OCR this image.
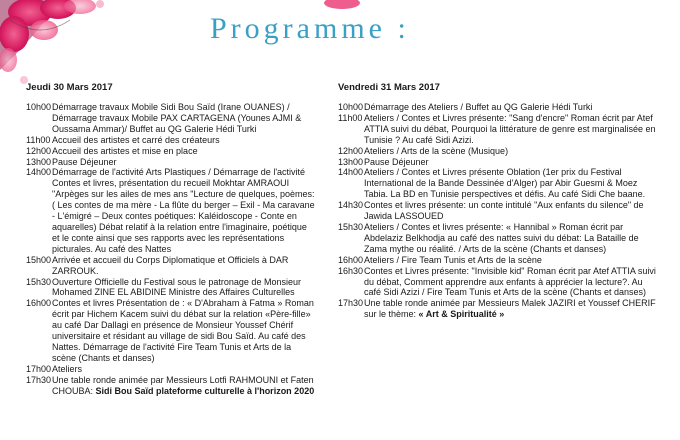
Programme :
Jeudi 30 Mars 2017
10h00 Démarrage travaux Mobile Sidi Bou Saïd (Irane OUANES) / Démarrage travaux Mobile PAX CARTAGENA (Younes AJMI & Oussama Ammar)/ Buffet au QG Galerie Hédi Turki
11h00 Accueil des artistes et carré des créateurs
12h00 Accueil des artistes et mise en place
13h00 Pause Déjeuner
14h00 Démarrage de l'activité Arts Plastiques / Démarrage de l'activité Contes et livres, présentation du recueil Mokhtar AMRAOUI "Arpèges sur les ailes de mes ans "Lecture de quelques, poèmes: ( Les contes de ma mère - La flûte du berger – Exil - Ma caravane - L'émigré – Deux contes poétiques: Kaléidoscope - Conte en aquarelles) Débat relatif à la relation entre l'imaginaire, poétique et le conte ainsi que ses rapports avec les représentations picturales. Au café des Nattes
15h00 Arrivée et accueil du Corps Diplomatique et Officiels à DAR ZARROUK.
15h30 Ouverture Officielle du Festival sous le patronage de Monsieur Mohamed ZINE EL ABIDINE Ministre des Affaires Culturelles
16h00 Contes et livres Présentation de : « D'Abraham à Fatma » Roman écrit par Hichem Kacem suivi du débat sur la relation «Père-fille» au café Dar Dallagi en présence de Monsieur Youssef Chérif universitaire et résidant au village de sidi Bou Saïd. Au café des Nattes. Démarrage de l'activité Fire Team Tunis et Arts de la scène (Chants et danses)
17h00 Ateliers
17h30 Une table ronde animée par Messieurs Lotfi RAHMOUNI et Faten CHOUBA: Sidi Bou Saïd plateforme culturelle à l'horizon 2020
Vendredi 31 Mars 2017
10h00 Démarrage des Ateliers / Buffet au QG Galerie Hédi Turki
11h00 Ateliers / Contes et Livres présente: "Sang d'encre" Roman écrit par Atef ATTIA suivi du débat, Pourquoi la littérature de genre est marginalisée en Tunisie ? Au café Sidi Azizi.
12h00 Ateliers / Arts de la scène (Musique)
13h00 Pause Déjeuner
14h00 Ateliers / Contes et Livres présente Oblation (1er prix du Festival International de la Bande Dessinée d'Alger) par Abir Guesmi & Moez Tabia. La BD en Tunisie perspectives et défis. Au café Sidi Che baane.
14h30 Contes et livres présente: un conte intitulé "Aux enfants du silence" de Jawida LASSOUED
15h30 Ateliers / Contes et livres présente: « Hannibal » Roman écrit par Abdelaziz Belkhodja au café des nattes suivi du débat: La Bataille de Zama mythe ou réalité. / Arts de la scène (Chants et danses)
16h00 Ateliers / Fire Team Tunis et Arts de la scène
16h30 Contes et Livres présente: "Invisible kid" Roman écrit par Atef ATTIA suivi du débat, Comment apprendre aux enfants à apprécier la lecture?. Au café Sidi Azizi / Fire Team Tunis et Arts de la scène (Chants et danses)
17h30 Une table ronde animée par Messieurs Malek JAZIRI et Youssef CHERIF sur le thème: « Art & Spiritualité »
